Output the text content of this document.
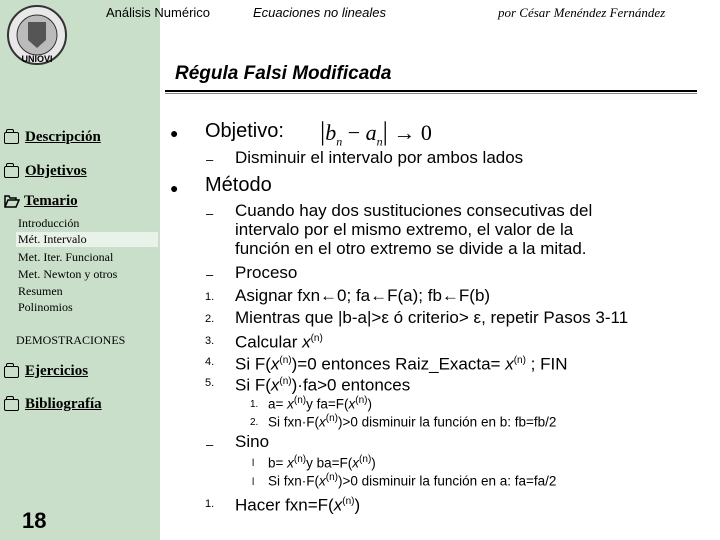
UNIOVI
Análisis Numérico	Ecuaciones no lineales	por César Menéndez Fernández
Régula Falsi Modificada
Descripción
Objetivos
Temario
Introducción
Mét. Intervalo
Met. Iter. Funcional
Met. Newton y otros
Resumen
Polinomios
DEMOSTRACIONES
Ejercicios
Bibliografía
18
● Objetivo: $|b_n - a_n| \to 0$
– Disminuir el intervalo por ambos lados
● Método
– Cuando hay dos sustituciones consecutivas del
intervalo por el mismo extremo, el valor de la
función en el otro extremo se divide a la mitad.
– Proceso
1. Asignar fxn←0; fa←F(a); fb←F(b)
2. Mientras que |b-a|>ε ó criterio> ε, repetir Pasos 3-11
3. Calcular $x^{(n)}$
4. Si $F(x^{(n)})=0$ entonces Raiz_Exacta= $x^{(n)}$ ; FIN
5. Si $F(x^{(n)})\cdot fa>0$ entonces
1. $a= x^{(n)}y$ $fa=F(x^{(n)})$
2. Si $fxn\cdot F(x^{(n)})>0$ disminuir la función en b: fb=fb/2
– Sino
l $b= x^{(n)}y$ $ba=F(x^{(n)})$
l Si $fxn\cdot F(x^{(n)})>0$ disminuir la función en a: fa=fa/2
1. Hacer $fxn=F(x^{(n)})$
